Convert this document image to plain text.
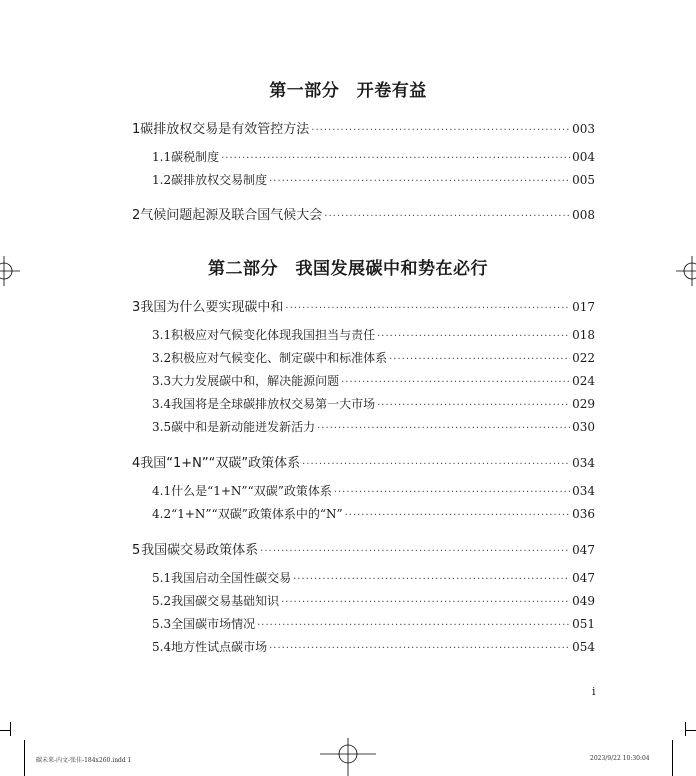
第一部分　开卷有益
第二部分　我国发展碳中和势在必行
1 碳排放权交易是有效管控方法 ·····	003
1.1 碳税制度 ·····	004
1.2 碳排放权交易制度 ·····	005
2 气候问题起源及联合国气候大会 ·····	008
3 我国为什么要实现碳中和 ·····	017
3.1 积极应对气候变化体现我国担当与责任 ·····	018
3.2 积极应对气候变化、制定碳中和标准体系 ·····	022
3.3 大力发展碳中和，解决能源问题 ·····	024
3.4 我国将是全球碳排放权交易第一大市场 ·····	029
3.5 碳中和是新动能迸发新活力 ·····	030
4 我国“1+N”“双碳”政策体系 ·····	034
4.1 什么是“1+N”“双碳”政策体系 ·····	034
4.2 “1+N”“双碳”政策体系中的“N” ·····	036
5 我国碳交易政策体系 ·····	047
5.1 我国启动全国性碳交易 ·····	047
5.2 我国碳交易基础知识 ·····	049
5.3 全国碳市场情况 ·····	051
5.4 地方性试点碳市场 ·····	054
i
碳未来-内文-张佳-184x260.indd 1	2023/9/22 10:30:04
